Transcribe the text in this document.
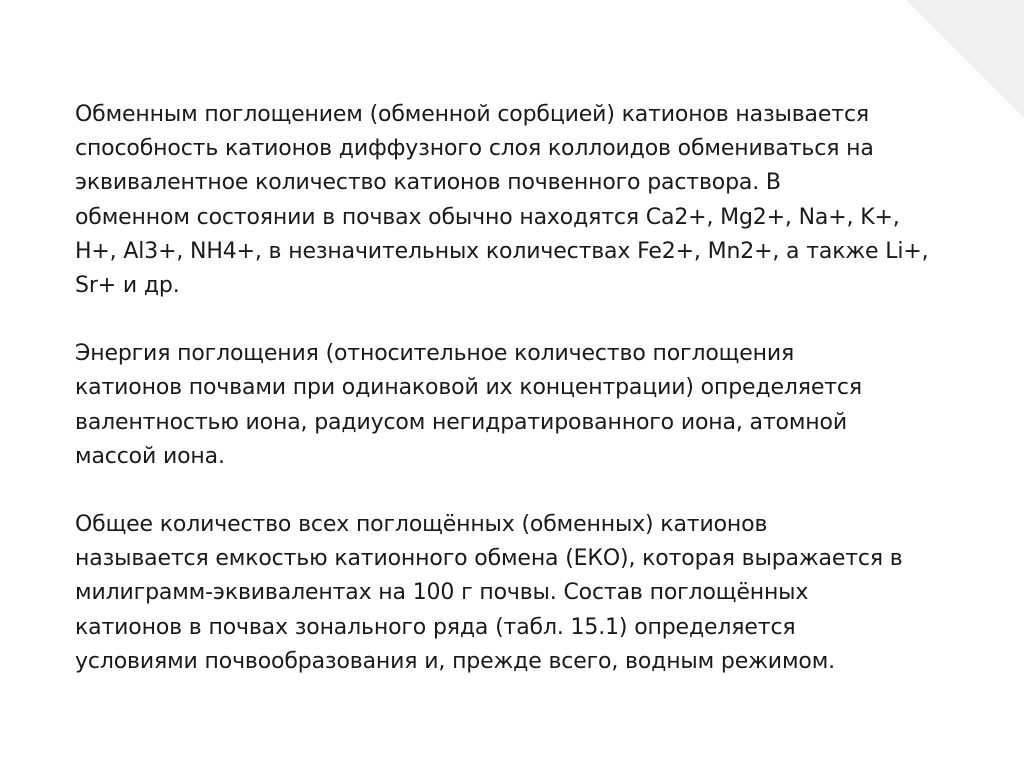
Обменным поглощением (обменной сорбцией) катионов называется
способность катионов диффузного слоя коллоидов обмениваться на
эквивалентное количество катионов почвенного раствора. В
обменном состоянии в почвах обычно находятся Ca2+, Mg2+, Na+, K+,
H+, Al3+, NH4+, в незначительных количествах Fe2+, Mn2+, а также Li+,
Sr+ и др.

Энергия поглощения (относительное количество поглощения
катионов почвами при одинаковой их концентрации) определяется
валентностью иона, радиусом негидратированного иона, атомной
массой иона.

Общее количество всех поглощённых (обменных) катионов
называется емкостью катионного обмена (ЕКО), которая выражается в
милиграмм-эквивалентах на 100 г почвы. Состав поглощённых
катионов в почвах зонального ряда (табл. 15.1) определяется
условиями почвообразования и, прежде всего, водным режимом.
